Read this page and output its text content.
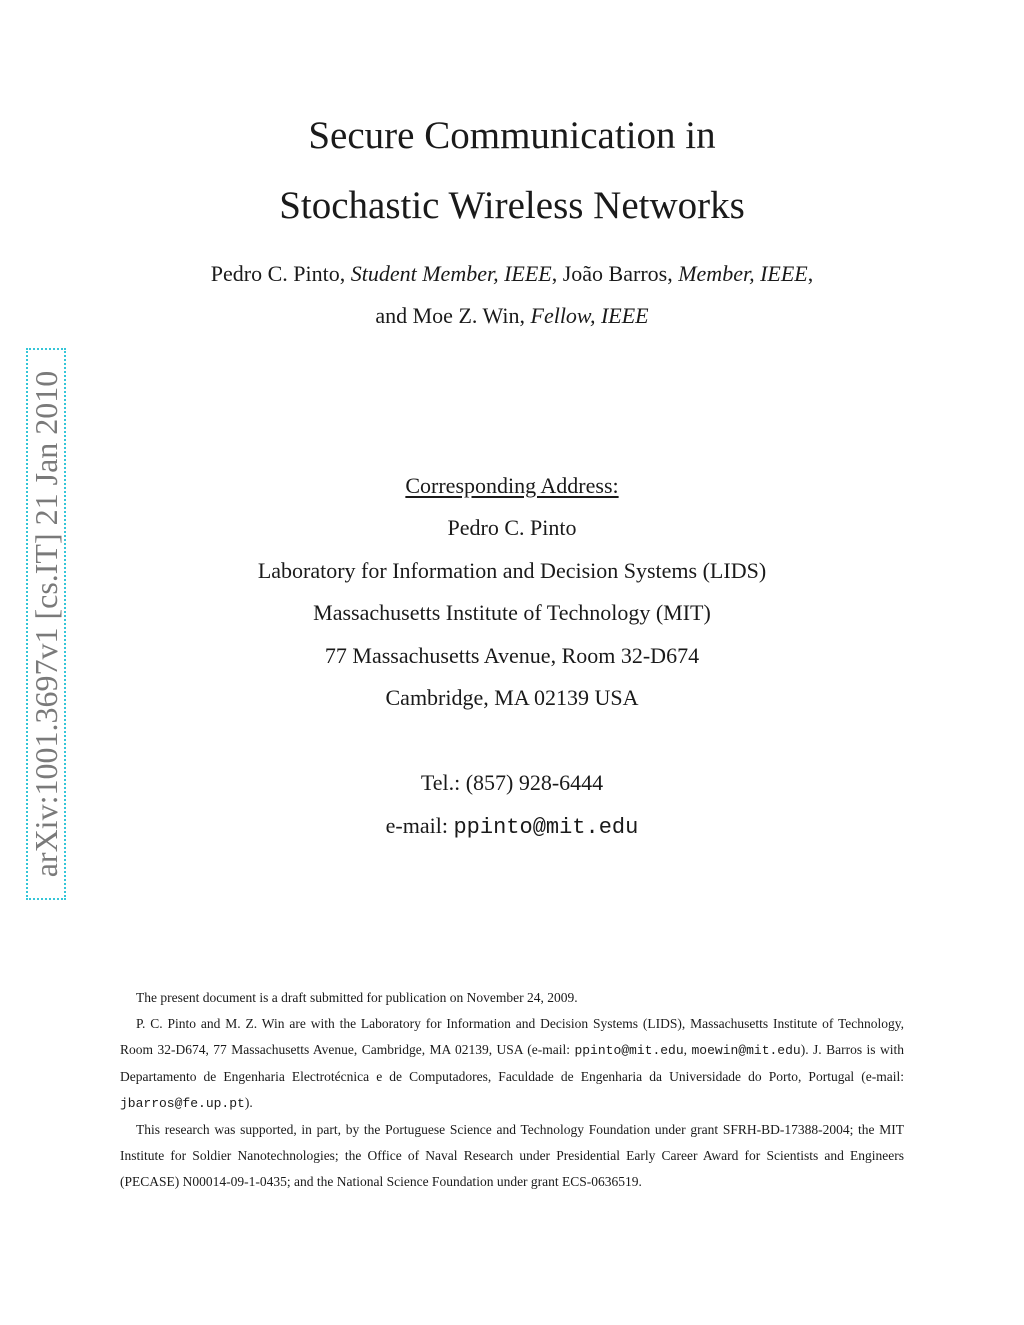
Secure Communication in
Stochastic Wireless Networks
Pedro C. Pinto, Student Member, IEEE, João Barros, Member, IEEE,
and Moe Z. Win, Fellow, IEEE
arXiv:1001.3697v1 [cs.IT] 21 Jan 2010	Corresponding Address:
Pedro C. Pinto
Laboratory for Information and Decision Systems (LIDS)
Massachusetts Institute of Technology (MIT)
77 Massachusetts Avenue, Room 32-D674
Cambridge, MA 02139 USA
Tel.: (857) 928-6444
e-mail: ppinto@mit.edu

The present document is a draft submitted for publication on November 24, 2009.

P. C. Pinto and M. Z. Win are with the Laboratory for Information and Decision Systems (LIDS), Massachusetts Institute of Technology, Room 32-D674, 77 Massachusetts Avenue, Cambridge, MA 02139, USA (e-mail: ppinto@mit.edu, moewin@mit.edu). J. Barros is with Departamento de Engenharia Electrotécnica e de Computadores, Faculdade de Engenharia da Universidade do Porto, Portugal (e-mail: jbarros@fe.up.pt).

This research was supported, in part, by the Portuguese Science and Technology Foundation under grant SFRH-BD-17388-2004; the MIT Institute for Soldier Nanotechnologies; the Office of Naval Research under Presidential Early Career Award for Scientists and Engineers (PECASE) N00014-09-1-0435; and the National Science Foundation under grant ECS-0636519.
